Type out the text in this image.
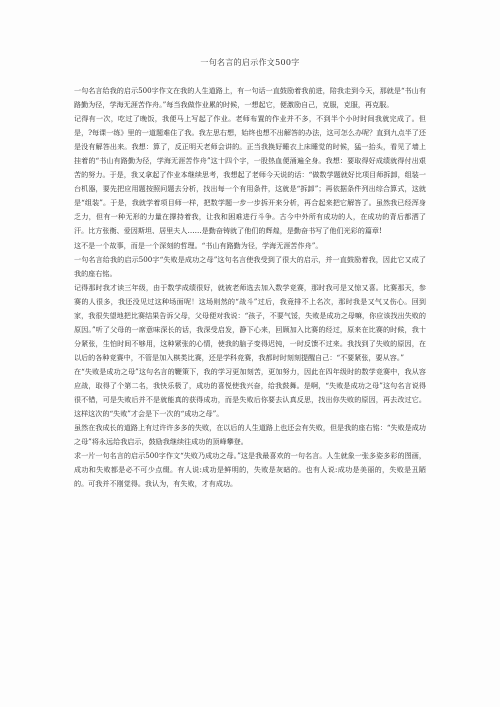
一句名言的启示作文500字

一句名言给我的启示500字作文在我的人生道路上，有一句话一直鼓励着我前进，陪我走到今天，那就是“书山有路勤为径，学海无涯苦作舟。”每当我做作业累的时候，一想起它，便激励自己，克服，克服，再克服。

记得有一次，吃过了晚饭，我便马上写起了作业。老师布置的作业并不多，不到半个小时时间我就完成了。但是，?每课一练》里的一道题难住了我。我左思右想，始终也想不出解答的办法，这可怎么办呢？直到九点半了还是没有解答出来。我想：算了，反正明天老师会讲的。正当我换好睡衣上床睡觉的时候，猛一抬头，看见了墙上挂着的“书山有路勤为径，学海无涯苦作舟”这十四个字，一股热血便涌遍全身。我想：要取得好成绩就得付出艰苦的努力。于是，我又拿起了作业本继续思考，我想起了老师今天说的话：“做数学题就好比项目师拆卸，组装一台机器，要先把应用题按照问题去分析，找出每一个有用条件，这就是“拆卸”；再依据条件列出综合算式，这就是“组装”。于是，我就学着项目师一样，把数学题一步一步拆开来分析，再合起来把它解答了。虽然我已经浑身乏力，但有一种无形的力量在撑持着我，让我和困难进行斗争。古今中外所有成功的人，在成功的背后都洒了汗。比方张衡、爱因斯坦、居里夫人……是勤奋铸就了他们的辉煌，是勤奋书写了他们光彩的篇章!

这不是一个故事，而是一个深刻的哲理。“书山有路勤为径，学海无涯苦作舟”。

一句名言给我的启示500字“失败是成功之母”这句名言使我受到了很大的启示，并一直鼓励着我，因此它又成了我的座右铭。

记得那时我才读三年级，由于数学成绩很好，就被老师选去加入数学竞赛，那时我可是又惊又喜。比赛那天，参赛的人很多，我还没见过这种场面呢！这场则然的“战斗”过后，我竟排不上名次，那时我是又气又伤心。回到家，我很失望地把比赛结果告诉父母，父母便对我说：“孩子，不要气馁，失败是成功之母嘛，你应该找出失败的原因。”听了父母的一席意味深长的话，我深受启发，静下心来，回顾加入比赛的经过，原来在比赛的时候，我十分紧张，生怕时间不够用，这种紧张的心情，使我的脑子变得迟钝，一时反馈不过来。我找到了失败的原因，在以后的各种竞赛中，不管是加入棋类比赛，还是学科竞赛，我都时时刻刻提醒自己：“不要紧张，要从容。”

在“失败是成功之母”这句名言的鞭策下，我的学习更加刻苦，更加努力，因此在四年级时的数学竞赛中，我从容应战，取得了个第二名，我快乐极了，成功的喜悦使我兴奋，给我鼓舞。是啊，“失败是成功之母”这句名言说得很不错，可是失败后并不是就能真的获得成功，而是失败后你要去认真反思，找出你失败的原因，再去改过它。这样这次的“失败”才会是下一次的“成功之母”。

虽然在我成长的道路上有过许许多多的失败，在以后的人生道路上也还会有失败，但是我的座右铭：“失败是成功之母”将永远给我启示，鼓励我继续往成功的顶峰攀登。

求一片一句名言的启示500字作文“失败乃成功之母。”这是我最喜欢的一句名言。人生就象一张多姿多彩的图画，成功和失败都是必不可少点缀。有人说:成功是鲜明的，失败是灰暗的。也有人说:成功是美丽的，失败是丑陋的。可我并不刚觉得。我认为，有失败，才有成功。
